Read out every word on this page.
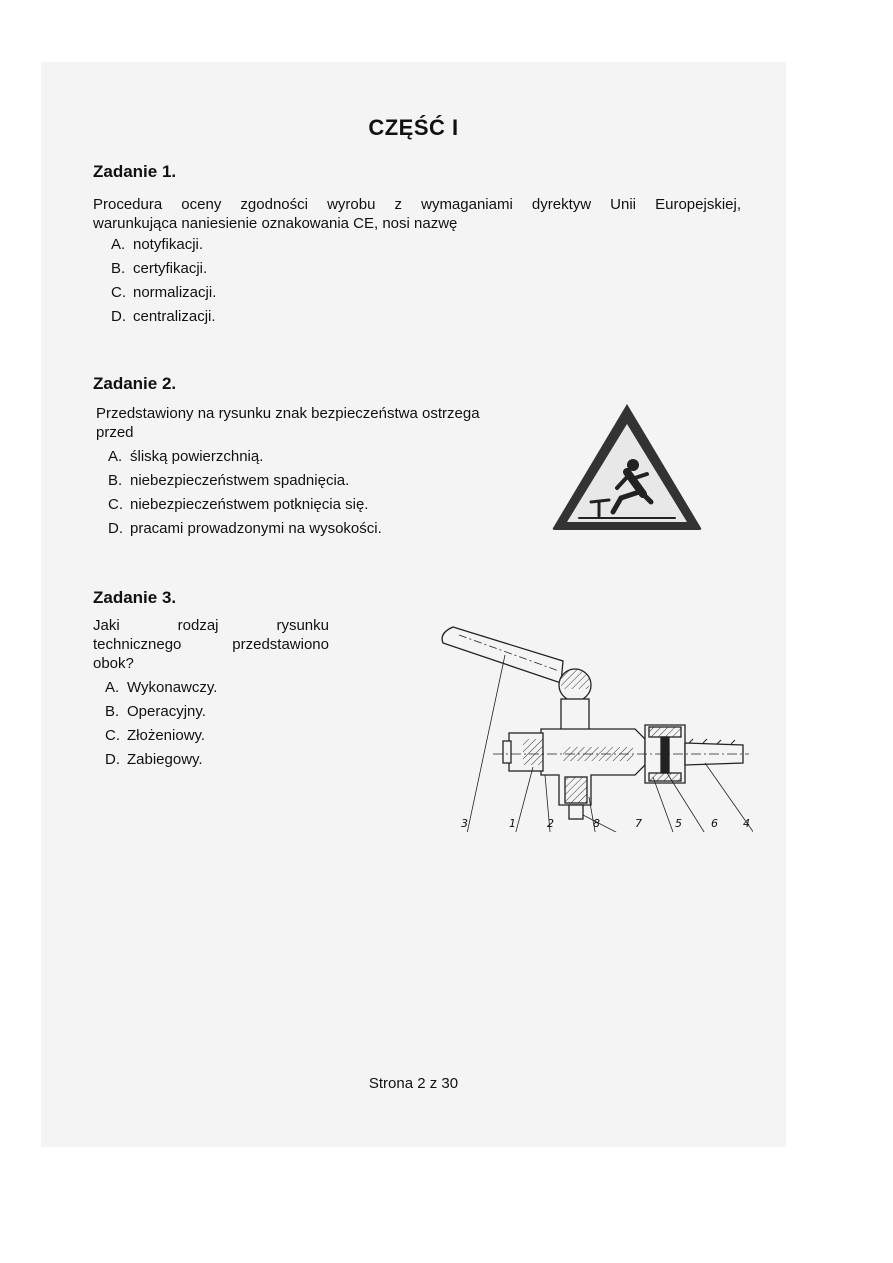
CZĘŚĆ I
Zadanie 1.
Procedura oceny zgodności wyrobu z wymaganiami dyrektyw Unii Europejskiej,
warunkująca naniesienie oznakowania CE, nosi nazwę
A. notyfikacji.
B. certyfikacji.
C. normalizacji.
D. centralizacji.
Zadanie 2.
Przedstawiony na rysunku znak bezpieczeństwa ostrzega
przed
A. śliską powierzchnią.
B. niebezpieczeństwem spadnięcia.
C. niebezpieczeństwem potknięcia się.
D. pracami prowadzonymi na wysokości.
Zadanie 3.
Jaki rodzaj rysunku
technicznego przedstawiono
obok?
A. Wykonawczy.
B. Operacyjny.
C. Złożeniowy.
D. Zabiegowy.
3	1	2	8	7	5	6 4
Strona 2 z 30
